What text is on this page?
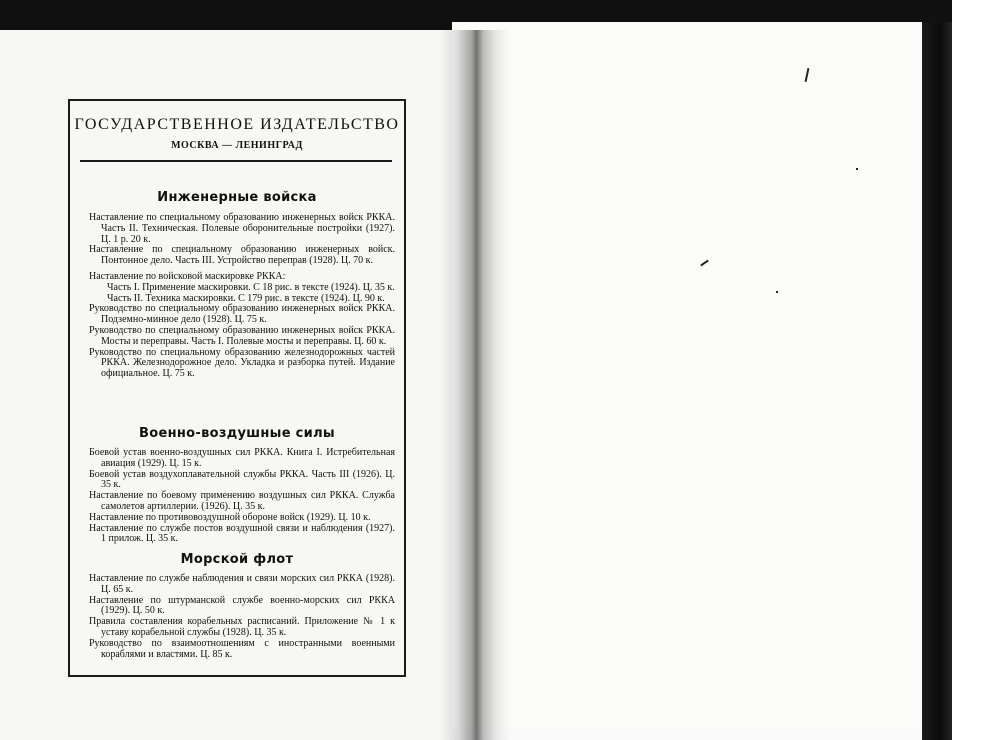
ГОСУДАРСТВЕННОЕ ИЗДАТЕЛЬСТВО
МОСКВА — ЛЕНИНГРАД
Инженерные войска

Наставление по специальному образованию инженерных войск РККА. Часть II. Техническая. Полевые оборонительные постройки (1927). Ц. 1 р. 20 к.

Наставление по специальному образованию инженерных войск. Понтонное дело. Часть III. Устройство переправ (1928). Ц. 70 к.

Наставление по войсковой маскировке РККА:

Часть I. Применение маскировки. С 18 рис. в тексте (1924). Ц. 35 к.

Часть II. Техника маскировки. С 179 рис. в тексте (1924). Ц. 90 к.

Руководство по специальному образованию инженерных войск РККА. Подземно-минное дело (1928). Ц. 75 к.

Руководство по специальному образованию инженерных войск РККА. Мосты и переправы. Часть I. Полевые мосты и переправы. Ц. 60 к.

Руководство по специальному образованию железнодорожных частей РККА. Железнодорожное дело. Укладка и разборка путей. Издание официальное. Ц. 75 к.

Военно-воздушные силы

Боевой устав военно-воздушных сил РККА. Книга I. Истребительная авиация (1929). Ц. 15 к.

Боевой устав воздухоплавательной службы РККА. Часть III (1926). Ц. 35 к.

Наставление по боевому применению воздушных сил РККА. Служба самолетов артиллерии. (1926). Ц. 35 к.

Наставление по противовоздушной обороне войск (1929). Ц. 10 к.

Наставление по службе постов воздушной связи и наблюдения (1927). 1 прилож. Ц. 35 к.

Морской флот

Наставление по службе наблюдения и связи морских сил РККА (1928). Ц. 65 к.

Наставление по штурманской службе военно-морских сил РККА (1929). Ц. 50 к.

Правила составления корабельных расписаний. Приложение № 1 к уставу корабельной службы (1928). Ц. 35 к.

Руководство по взаимоотношениям с иностранными военными кораблями и властями. Ц. 85 к.
